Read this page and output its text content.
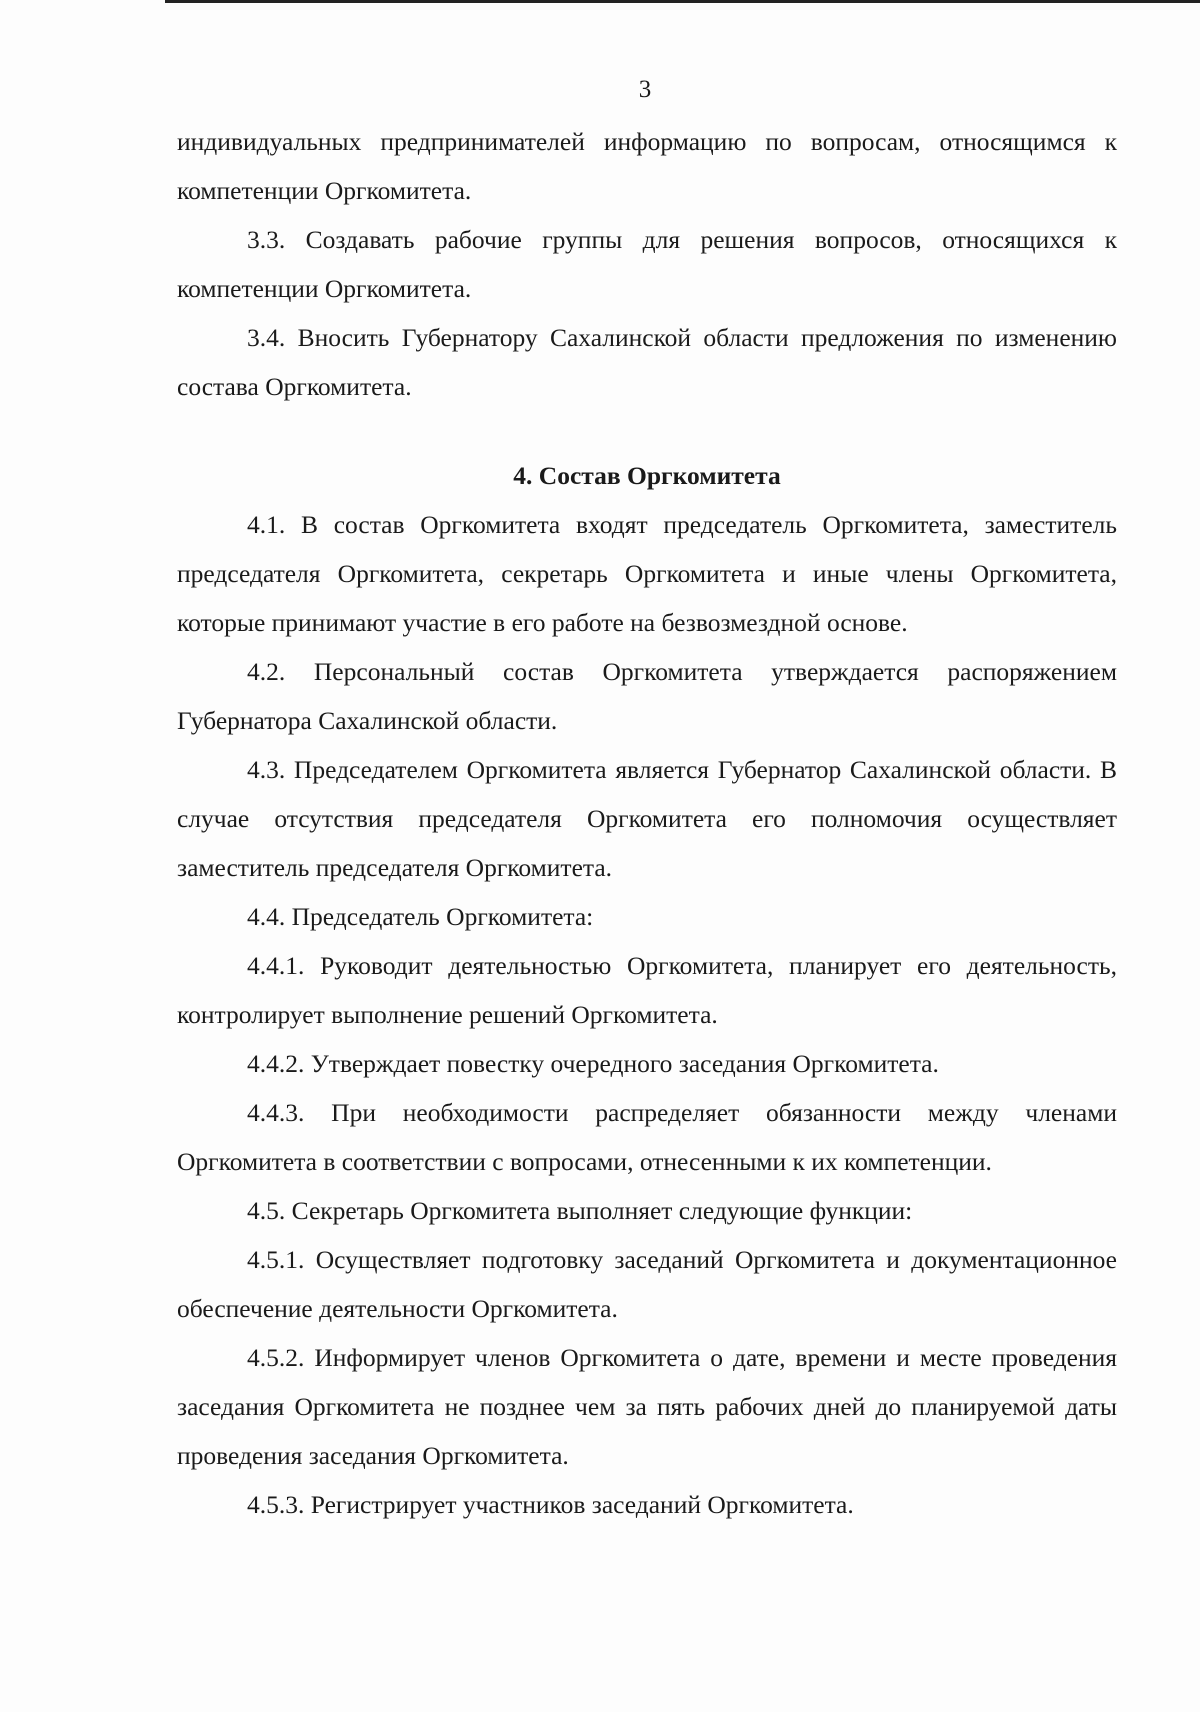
3

индивидуальных предпринимателей информацию по вопросам, относящимся к компетенции Оргкомитета.

3.3. Создавать рабочие группы для решения вопросов, относящихся к компетенции Оргкомитета.

3.4. Вносить Губернатору Сахалинской области предложения по изменению состава Оргкомитета.

4. Состав Оргкомитета

4.1. В состав Оргкомитета входят председатель Оргкомитета, заместитель председателя Оргкомитета, секретарь Оргкомитета и иные члены Оргкомитета, которые принимают участие в его работе на безвозмездной основе.

4.2. Персональный состав Оргкомитета утверждается распоряжением Губернатора Сахалинской области.

4.3. Председателем Оргкомитета является Губернатор Сахалинской области. В случае отсутствия председателя Оргкомитета его полномочия осуществляет заместитель председателя Оргкомитета.

4.4. Председатель Оргкомитета:

4.4.1. Руководит деятельностью Оргкомитета, планирует его деятельность, контролирует выполнение решений Оргкомитета.

4.4.2. Утверждает повестку очередного заседания Оргкомитета.

4.4.3. При необходимости распределяет обязанности между членами Оргкомитета в соответствии с вопросами, отнесенными к их компетенции.

4.5. Секретарь Оргкомитета выполняет следующие функции:

4.5.1. Осуществляет подготовку заседаний Оргкомитета и документационное обеспечение деятельности Оргкомитета.

4.5.2. Информирует членов Оргкомитета о дате, времени и месте проведения заседания Оргкомитета не позднее чем за пять рабочих дней до планируемой даты проведения заседания Оргкомитета.

4.5.3. Регистрирует участников заседаний Оргкомитета.
